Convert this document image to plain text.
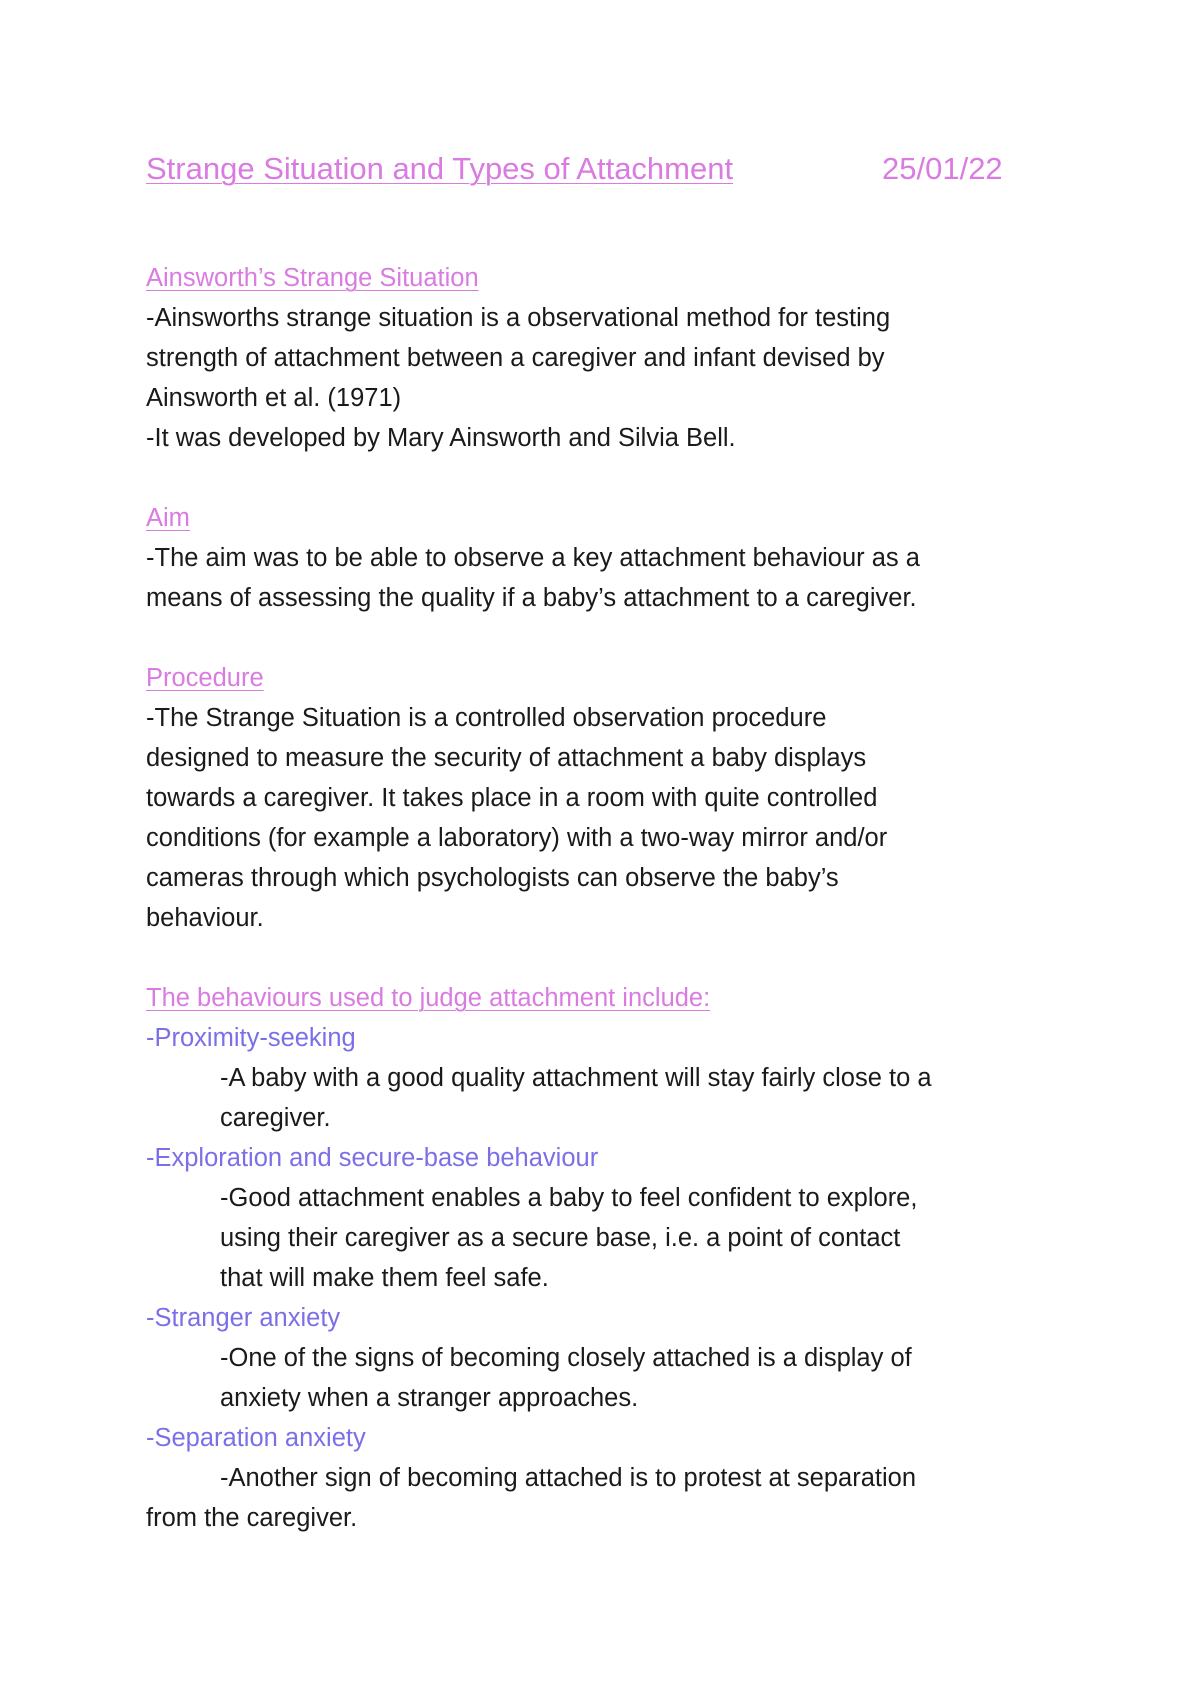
Strange Situation and Types of Attachment	25/01/22

Ainsworth’s Strange Situation

-Ainsworths strange situation is a observational method for testing

strength of attachment between a caregiver and infant devised by

Ainsworth et al. (1971)

-It was developed by Mary Ainsworth and Silvia Bell.

Aim

-The aim was to be able to observe a key attachment behaviour as a

means of assessing the quality if a baby’s attachment to a caregiver.

Procedure

-The Strange Situation is a controlled observation procedure

designed to measure the security of attachment a baby displays

towards a caregiver. It takes place in a room with quite controlled

conditions (for example a laboratory) with a two-way mirror and/or

cameras through which psychologists can observe the baby’s

behaviour.

The behaviours used to judge attachment include:

-Proximity-seeking

-A baby with a good quality attachment will stay fairly close to a

caregiver.

-Exploration and secure-base behaviour

-Good attachment enables a baby to feel confident to explore,

using their caregiver as a secure base, i.e. a point of contact

that will make them feel safe.

-Stranger anxiety

-One of the signs of becoming closely attached is a display of

anxiety when a stranger approaches.

-Separation anxiety

-Another sign of becoming attached is to protest at separation

from the caregiver.
